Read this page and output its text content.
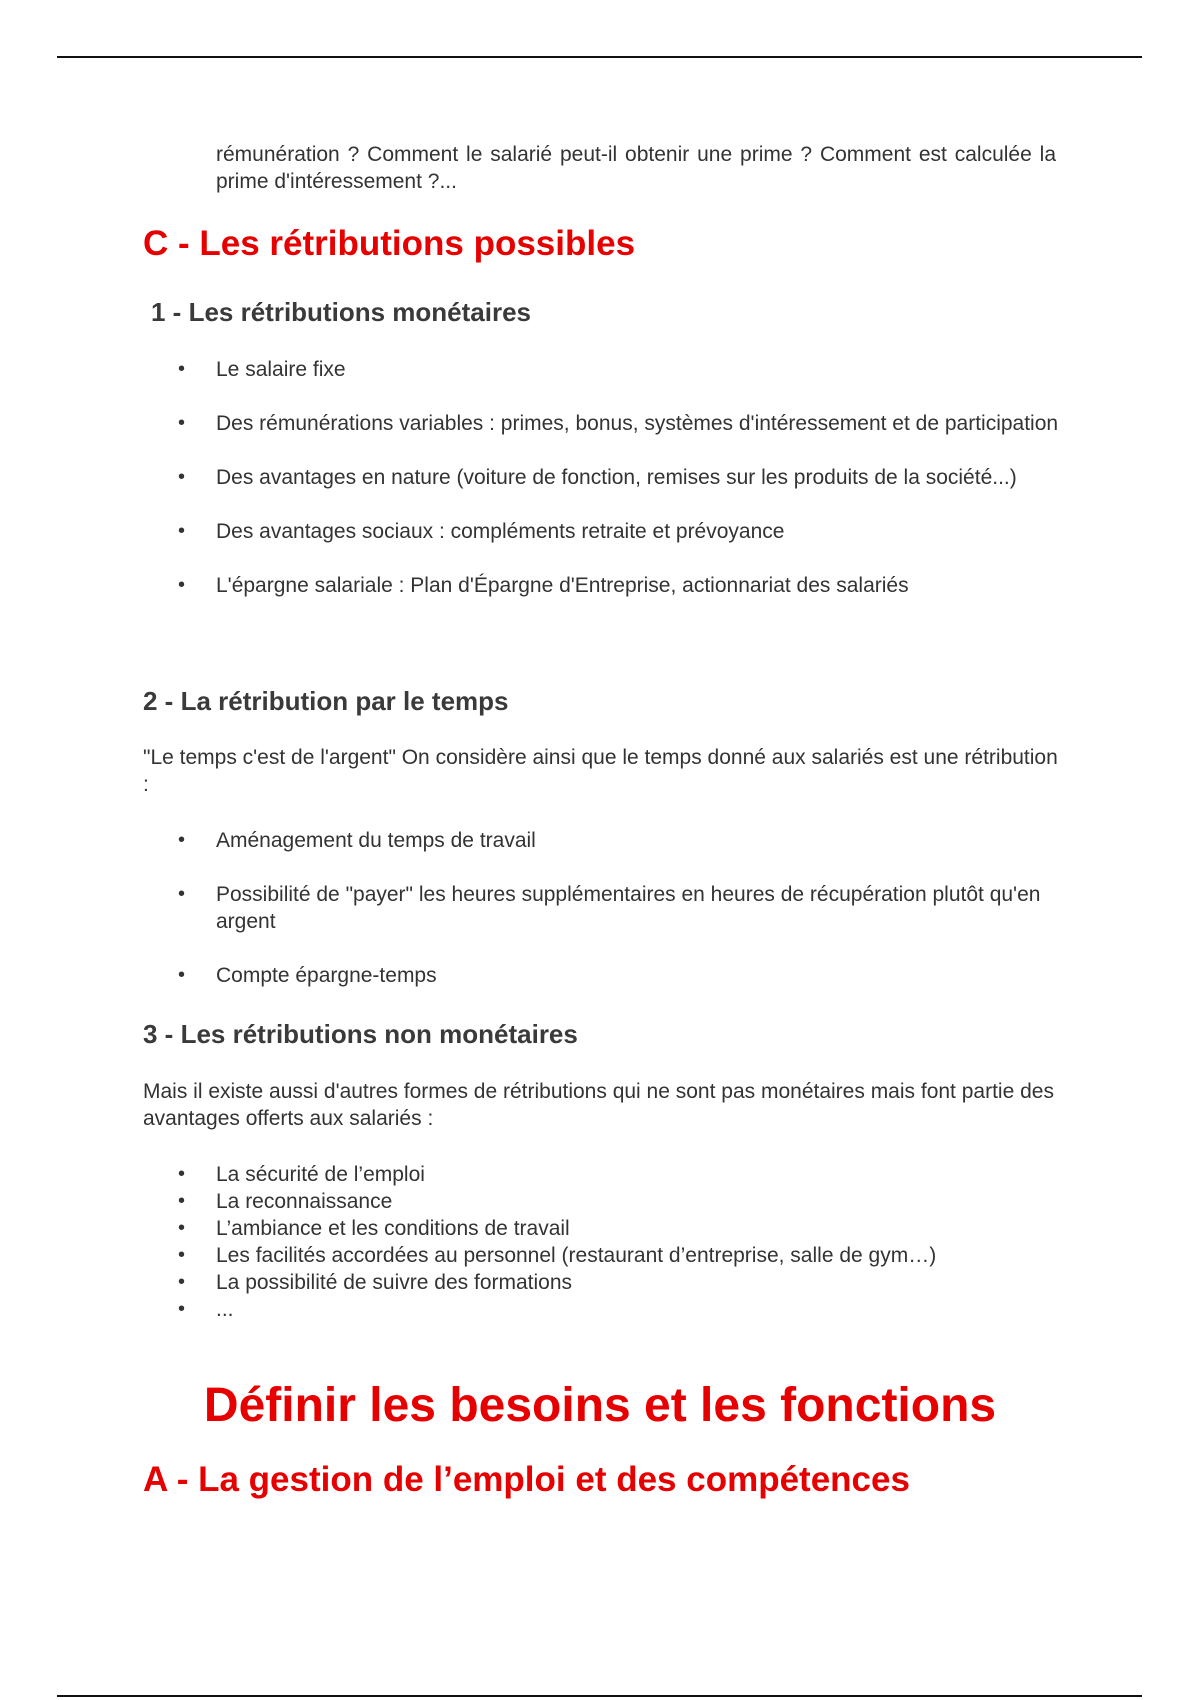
rémunération ? Comment le salarié peut-il obtenir une prime ? Comment est calculée la prime d'intéressement ?...

C - Les rétributions possibles
1 - Les rétributions monétaires
• Le salaire fixe
• Des rémunérations variables : primes, bonus, systèmes d'intéressement et de participation
• Des avantages en nature (voiture de fonction, remises sur les produits de la société...)
• Des avantages sociaux : compléments retraite et prévoyance
• L'épargne salariale : Plan d'Épargne d'Entreprise, actionnariat des salariés
2 - La rétribution par le temps

"Le temps c'est de l'argent" On considère ainsi que le temps donné aux salariés est une rétribution :

• Aménagement du temps de travail
• Possibilité de "payer" les heures supplémentaires en heures de récupération plutôt qu'en argent
• Compte épargne-temps
3 - Les rétributions non monétaires

Mais il existe aussi d'autres formes de rétributions qui ne sont pas monétaires mais font partie des avantages offerts aux salariés :

• La sécurité de l’emploi
• La reconnaissance
• L’ambiance et les conditions de travail
• Les facilités accordées au personnel (restaurant d’entreprise, salle de gym…)
• La possibilité de suivre des formations
• ...
Définir les besoins et les fonctions
A - La gestion de l’emploi et des compétences
